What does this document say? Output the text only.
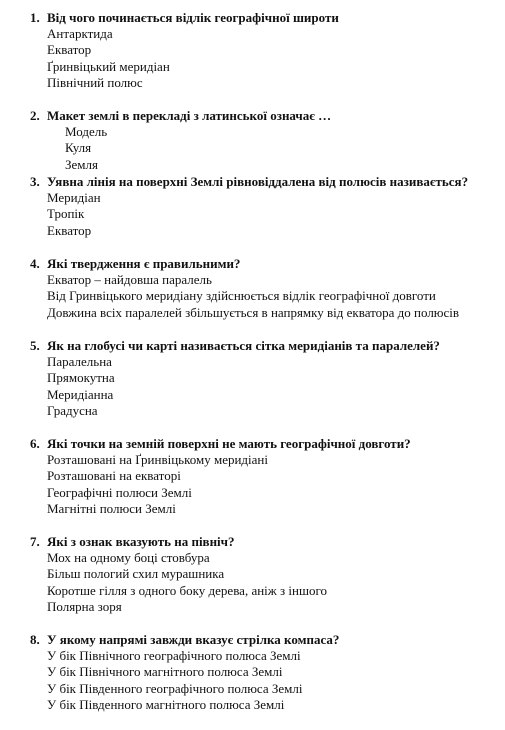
1. Від чого починається відлік географічної широти
Антарктида
Екватор
Ґринвіцький меридіан
Північний полюс
2. Макет землі в перекладі з латинської означає …
Модель
Куля
Земля
3. Уявна лінія на поверхні Землі рівновіддалена від полюсів називається?
Меридіан
Тропік
Екватор
4. Які твердження є правильними?
Екватор – найдовша паралель
Від Гринвіцького меридіану здійснюється відлік географічної довготи
Довжина всіх паралелей збільшується в напрямку від екватора до полюсів
5. Як на глобусі чи карті називається сітка меридіанів та паралелей?
Паралельна
Прямокутна
Меридіанна
Градусна
6. Які точки на земній поверхні не мають географічної довготи?
Розташовані на Ґринвіцькому меридіані
Розташовані на екваторі
Географічні полюси Землі
Магнітні полюси Землі
7. Які з ознак вказують на північ?
Мох на одному боці стовбура
Більш пологий схил мурашника
Коротше гілля з одного боку дерева, аніж з іншого
Полярна зоря
8. У якому напрямі завжди вказує стрілка компаса?
У бік Північного географічного полюса Землі
У бік Північного магнітного полюса Землі
У бік Південного географічного полюса Землі
У бік Південного магнітного полюса Землі
